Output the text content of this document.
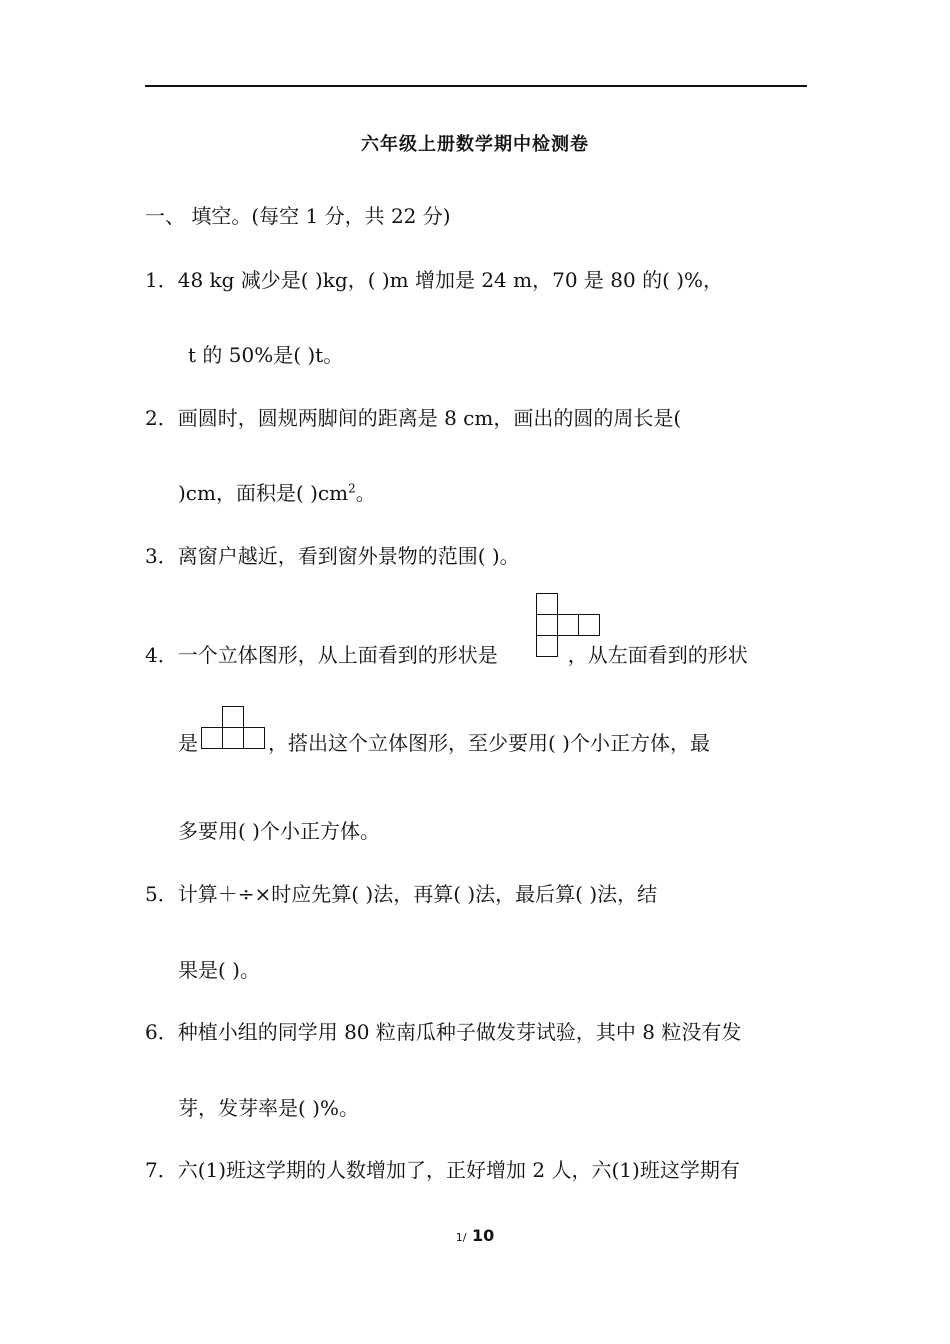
六年级上册数学期中检测卷
一、 填空。(每空 1 分，共 22 分)
1．48 kg 减少是( )kg，( )m 增加是 24 m，70 是 80 的( )%，
t 的 50%是( )t。
2．画圆时，圆规两脚间的距离是 8 cm，画出的圆的周长是(
)cm，面积是( )$cm^2$。
3．离窗户越近，看到窗外景物的范围( )。
4．一个立体图形，从上面看到的形状是	，从左面看到的形状
是	，搭出这个立体图形，至少要用( )个小正方体，最
多要用( )个小正方体。
5．计算＋÷×时应先算( )法，再算( )法，最后算( )法，结
果是( )。
6．种植小组的同学用 80 粒南瓜种子做发芽试验，其中 8 粒没有发
芽，发芽率是( )%。
7．六(1)班这学期的人数增加了，正好增加 2 人，六(1)班这学期有
1/ 10
